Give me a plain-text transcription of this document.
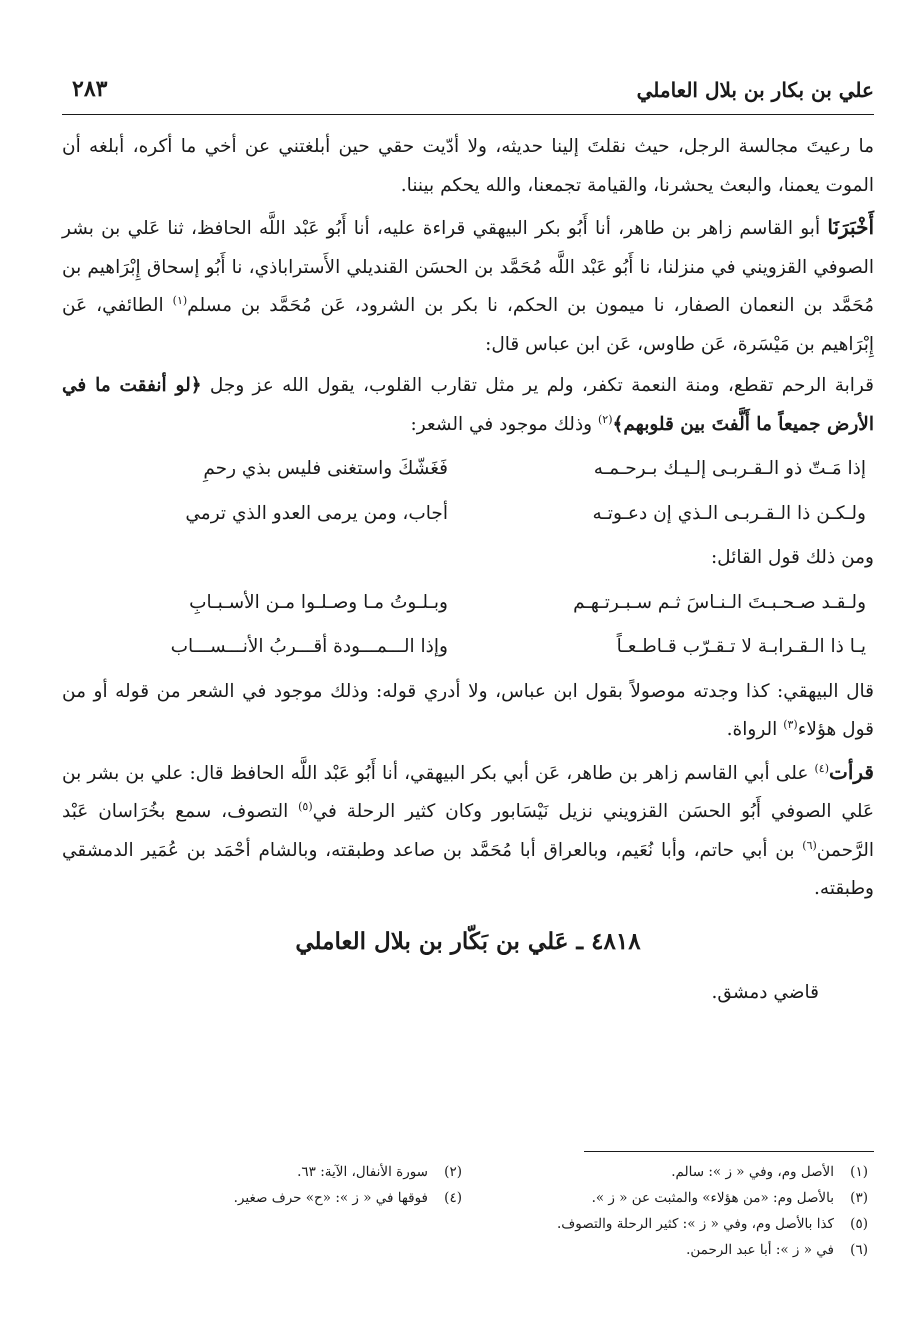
علي بن بكار بن بلال العاملي
٢٨٣

ما رعيتَ مجالسة الرجل، حيث نقلتَ إلينا حديثه، ولا أدّيت حقي حين أبلغتني عن أخي ما أكره، أبلغه أن الموت يعمنا، والبعث يحشرنا، والقيامة تجمعنا، والله يحكم بيننا.

أَخْبَرَنَا أبو القاسم زاهر بن طاهر، أنا أَبُو بكر البيهقي قراءة عليه، أنا أَبُو عَبْد اللَّه الحافظ، ثنا عَلي بن بشر الصوفي القزويني في منزلنا، نا أَبُو عَبْد اللَّه مُحَمَّد بن الحسَن القنديلي الأَستراباذي، نا أَبُو إسحاق إِبْرَاهيم بن مُحَمَّد بن النعمان الصفار، نا ميمون بن الحكم، نا بكر بن الشرود، عَن مُحَمَّد بن مسلم$^{(١)}$ الطائفي، عَن إِبْرَاهيم بن مَيْسَرة، عَن طاوس، عَن ابن عباس قال:

قرابة الرحم تقطع، ومنة النعمة تكفر، ولم ير مثل تقارب القلوب، يقول الله عز وجل ﴿لو أنفقت ما في الأرض جميعاً ما أَلَّفتَ بين قلوبهم﴾$^{(٢)}$ وذلك موجود في الشعر:

إذا مَـتّ ذو الـقـربـى إلـيـك بـرحـمـه
فَغَشّكَ واستغنى فليس بذي رحمِ
ولـكـن ذا الـقـربـى الـذي إن دعـوتـه
أجاب، ومن يرمى العدو الذي ترمي

ومن ذلك قول القائل:

ولـقـد صـحـبـتَ الـنـاسَ ثـم سـبـرتـهـم
وبـلـوتُ مـا وصـلـوا مـن الأسـبـابِ
يـا ذا الـقـرابـة لا تـقـرّب قـاطـعـاً
وإذا الـــمـــودة أقـــربُ الأنـــســـاب

قال البيهقي: كذا وجدته موصولاً بقول ابن عباس، ولا أدري قوله: وذلك موجود في الشعر من قوله أو من قول هؤلاء$^{(٣)}$ الرواة.

قرأت$^{(٤)}$ على أبي القاسم زاهر بن طاهر، عَن أبي بكر البيهقي، أنا أَبُو عَبْد اللَّه الحافظ قال: علي بن بشر بن عَلي الصوفي أَبُو الحسَن القزويني نزيل نَيْسَابور وكان كثير الرحلة في$^{(٥)}$ التصوف، سمع بخُرَاسان عَبْد الرَّحمن$^{(٦)}$ بن أبي حاتم، وأبا نُعَيم، وبالعراق أبا مُحَمَّد بن صاعد وطبقته، وبالشام أحْمَد بن عُمَير الدمشقي وطبقته.

٤٨١٨ ـ عَلي بن بَكّار بن بلال العاملي
قاضي دمشق.
(١)الأصل وم، وفي « ز »: سالم.
(٢)سورة الأنفال، الآية: ٦٣.
(٣)بالأصل وم: «من هؤلاء» والمثبت عن « ز ».
(٤)فوقها في « ز »: «ح» حرف صغير.
(٥)كذا بالأصل وم، وفي « ز »: كثير الرحلة والتصوف.
(٦)في « ز »: أبا عبد الرحمن.
